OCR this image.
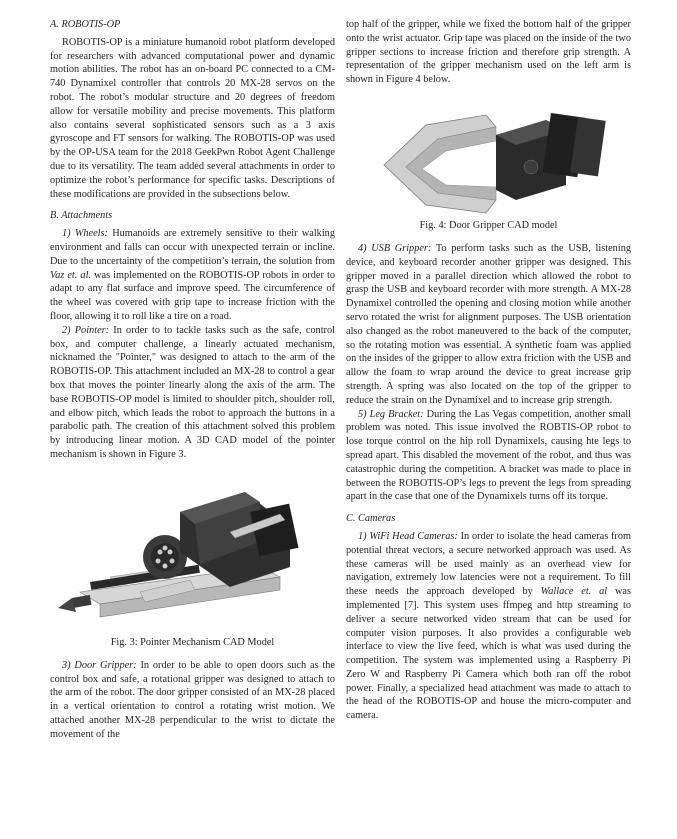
A. ROBOTIS-OP

ROBOTIS-OP is a miniature humanoid robot platform developed for researchers with advanced computational power and dynamic motion abilities. The robot has an on-board PC connected to a CM-740 Dynamixel controller that controls 20 MX-28 servos on the robot. The robot’s modular structure and 20 degrees of freedom allow for versatile mobility and precise movements. This platform also contains several sophisticated sensors such as a 3 axis gyroscope and FT sensors for walking. The ROBOTIS-OP was used by the OP-USA team for the 2018 GeekPwn Robot Agent Challenge due to its versatility. The team added several attachments in order to optimize the robot’s performance for specific tasks. Descriptions of these modifications are provided in the subsections below.

B. Attachments

1) Wheels: Humanoids are extremely sensitive to their walking environment and falls can occur with unexpected terrain or incline. Due to the uncertainty of the competition’s terrain, the solution from Vaz et. al. was implemented on the ROBOTIS-OP robots in order to adapt to any flat surface and improve speed. The circumference of the wheel was covered with grip tape to increase friction with the floor, allowing it to roll like a tire on a road.

2) Pointer: In order to to tackle tasks such as the safe, control box, and computer challenge, a linearly actuated mechanism, nicknamed the "Pointer," was designed to attach to the arm of the ROBOTIS-OP. This attachment included an MX-28 to control a gear box that moves the pointer linearly along the axis of the arm. The base ROBOTIS-OP model is limited to shoulder pitch, shoulder roll, and elbow pitch, which leads the robot to approach the buttons in a parabolic path. The creation of this attachment solved this problem by introducing linear motion. A 3D CAD model of the pointer mechanism is shown in Figure 3.

Fig. 3: Pointer Mechanism CAD Model

3) Door Gripper: In order to be able to open doors such as the control box and safe, a rotational gripper was designed to attach to the arm of the robot. The door gripper consisted of an MX-28 placed in a vertical orientation to control a rotating wrist motion. We attached another MX-28 perpendicular to the wrist to dictate the movement of the

top half of the gripper, while we fixed the bottom half of the gripper onto the wrist actuator. Grip tape was placed on the inside of the two gripper sections to increase friction and therefore grip strength. A representation of the gripper mechanism used on the left arm is shown in Figure 4 below.

Fig. 4: Door Gripper CAD model

4) USB Gripper: To perform tasks such as the USB, listening device, and keyboard recorder another gripper was designed. This gripper moved in a parallel direction which allowed the robot to grasp the USB and keyboard recorder with more strength. A MX-28 Dynamixel controlled the opening and closing motion while another servo rotated the wrist for alignment purposes. The USB orientation also changed as the robot maneuvered to the back of the computer, so the rotating motion was essential. A synthetic foam was applied on the insides of the gripper to allow extra friction with the USB and allow the foam to wrap around the device to great increase grip strength. A spring was also located on the top of the gripper to reduce the strain on the Dynamixel and to increase grip strength.

5) Leg Bracket: During the Las Vegas competition, another small problem was noted. This issue involved the ROBTIS-OP robot to lose torque control on the hip roll Dynamixels, causing hte legs to spread apart. This disabled the movement of the robot, and thus was catastrophic during the competition. A bracket was made to place in between the ROBOTIS-OP’s legs to prevent the legs from spreading apart in the case that one of the Dynamixels turns off its torque.

C. Cameras

1) WiFi Head Cameras: In order to isolate the head cameras from potential threat vectors, a secure networked approach was used. As these cameras will be used mainly as an overhead view for navigation, extremely low latencies were not a requirement. To fill these needs the approach developed by Wallace et. al was implemented [7]. This system uses ffmpeg and http streaming to deliver a secure networked video stream that can be used for computer vision purposes. It also provides a configurable web interface to view the live feed, which is what was used during the competition. The system was implemented using a Raspberry Pi Zero W and Raspberry Pi Camera which both ran off the robot power. Finally, a specialized head attachment was made to attach to the head of the ROBOTIS-OP and house the micro-computer and camera.
